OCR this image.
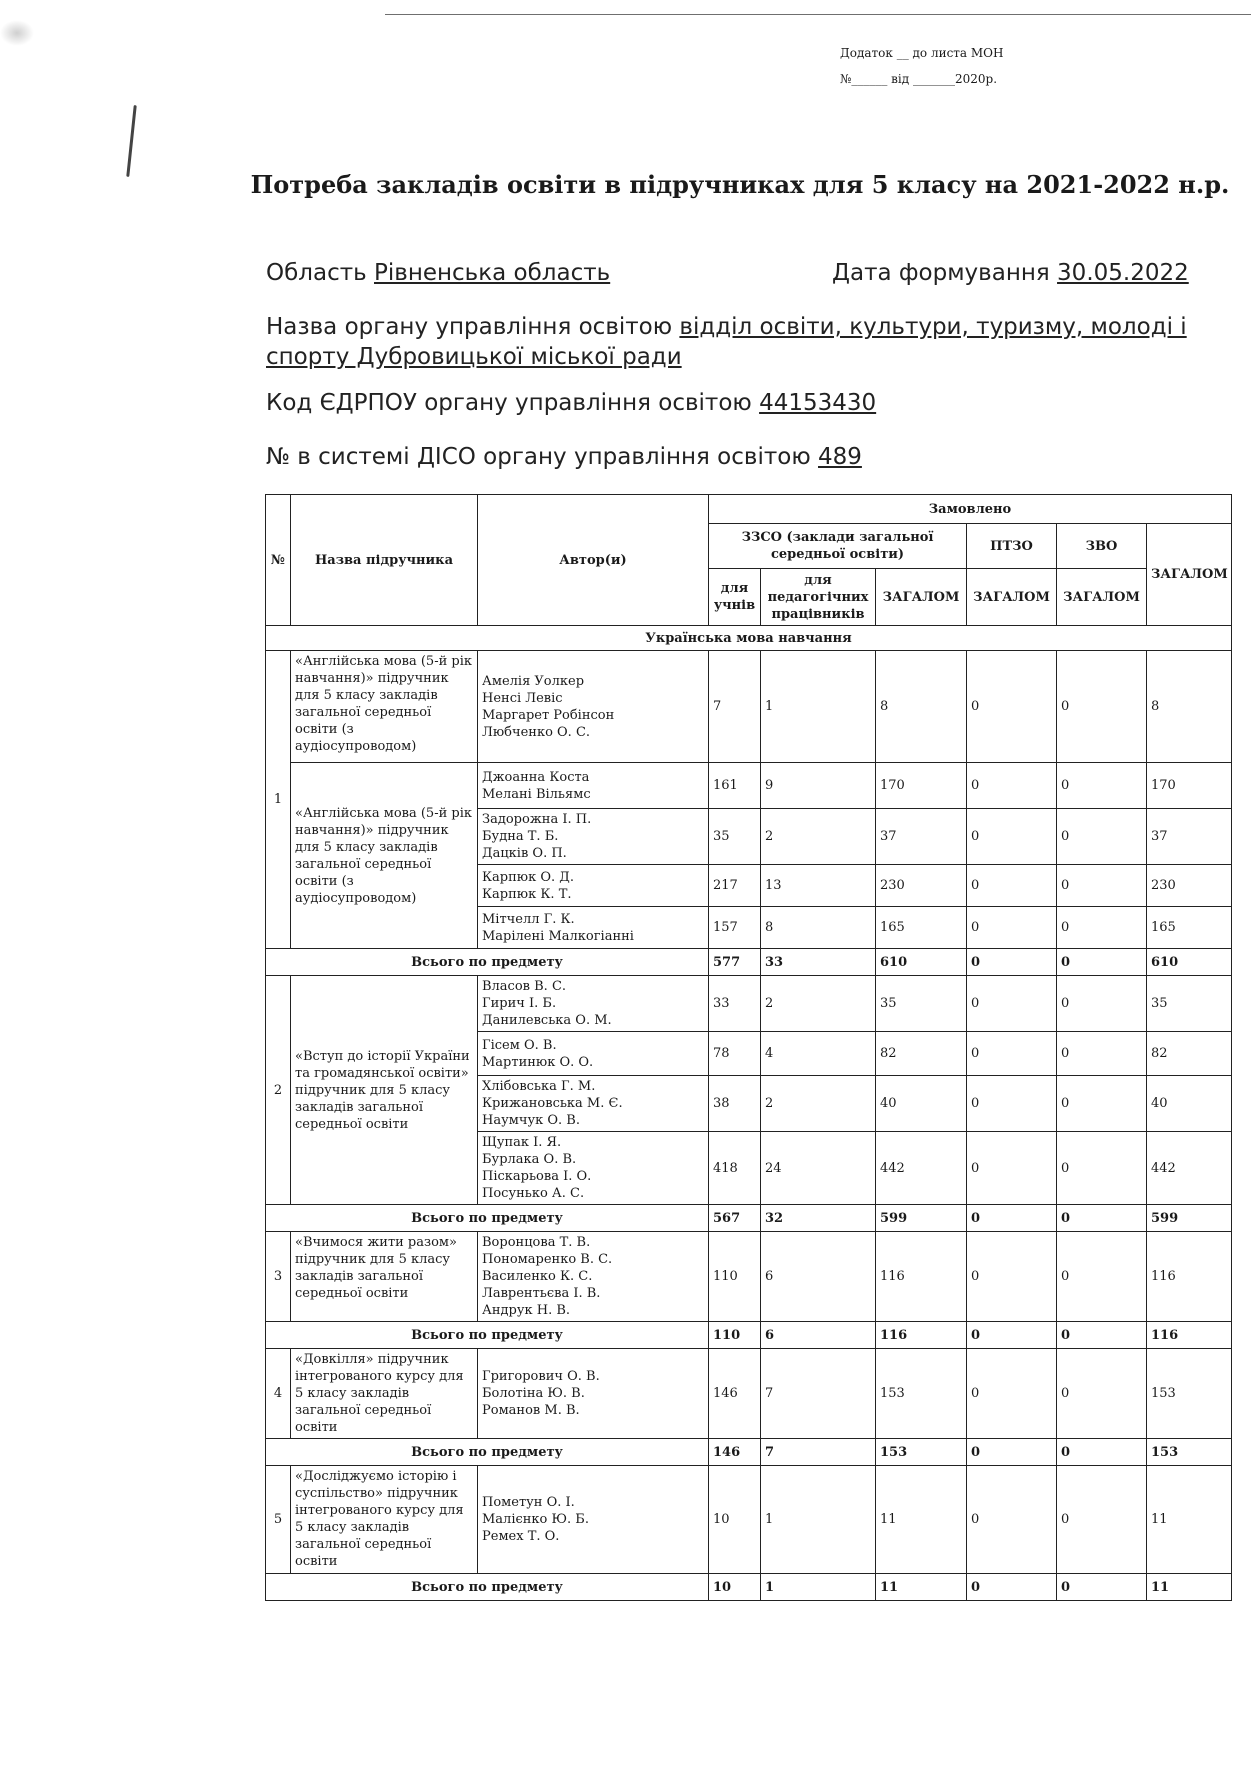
Додаток __ до листа МОН
№______ від _______2020р.
Потреба закладів освіти в підручниках для 5 класу на 2021-2022 н.р.
Область Рівненська область	Дата формування 30.05.2022
Назва органу управління освітою відділ освіти, культури, туризму, молоді і спорту Дубровицької міської ради
Код ЄДРПОУ органу управління освітою 44153430
№ в системі ДІСО органу управління освітою 489
№	Назва підручника	Автор(и)	Замовлено					
			ЗЗСО (заклади загальної середньої освіти)			ПТЗО	ЗВО	ЗАГАЛОМ
			для учнів	для педагогічних працівників	ЗАГАЛОМ	ЗАГАЛОМ	ЗАГАЛОМ	
Українська мова навчання								
1	«Англійська мова (5-й рік навчання)» підручник для 5 класу закладів загальної середньої освіти (з аудіосупроводом)	Амелія Уолкер
Ненсі Левіс
Маргарет Робінсон
Любченко О. С.	7	1	8	0	0	8
	«Англійська мова (5-й рік навчання)» підручник для 5 класу закладів загальної середньої освіти (з аудіосупроводом)	Джоанна Коста
Мелані Вільямс	161	9	170	0	0	170

		Задорожна І. П.
Будна Т. Б.
Дацків О. П.	35	2	37	0	0	37

		Карпюк О. Д.
Карпюк К. Т.	217	13	230	0	0	230

		Мітчелл Г. К.
Марілені Малкогіанні	157	8	165	0	0	165
Всього по предмету			577	33	610	0	0	610
2	«Вступ до історії України та громадянської освіти» підручник для 5 класу закладів загальної середньої освіти	Власов В. С.
Гирич І. Б.
Данилевська О. М.	33	2	35	0	0	35

		Гісем О. В.
Мартинюк О. О.	78	4	82	0	0	82

		Хлібовська Г. М.
Крижановська М. Є.
Наумчук О. В.	38	2	40	0	0	40

		Щупак І. Я.
Бурлака О. В.
Піскарьова І. О.
Посунько А. С.	418	24	442	0	0	442
Всього по предмету			567	32	599	0	0	599
3	«Вчимося жити разом» підручник для 5 класу закладів загальної середньої освіти	Воронцова Т. В.
Пономаренко В. С.
Василенко К. С.
Лаврентьєва І. В.
Андрук Н. В.	110	6	116	0	0	116
Всього по предмету			110	6	116	0	0	116
4	«Довкілля» підручник інтегрованого курсу для 5 класу закладів загальної середньої освіти	Григорович О. В.
Болотіна Ю. В.
Романов М. В.	146	7	153	0	0	153
Всього по предмету			146	7	153	0	0	153
5	«Досліджуємо історію і суспільство» підручник інтегрованого курсу для 5 класу закладів загальної середньої освіти	Пометун О. І.
Малієнко Ю. Б.
Ремех Т. О.	10	1	11	0	0	11
Всього по предмету			10	1	11	0	0	11
